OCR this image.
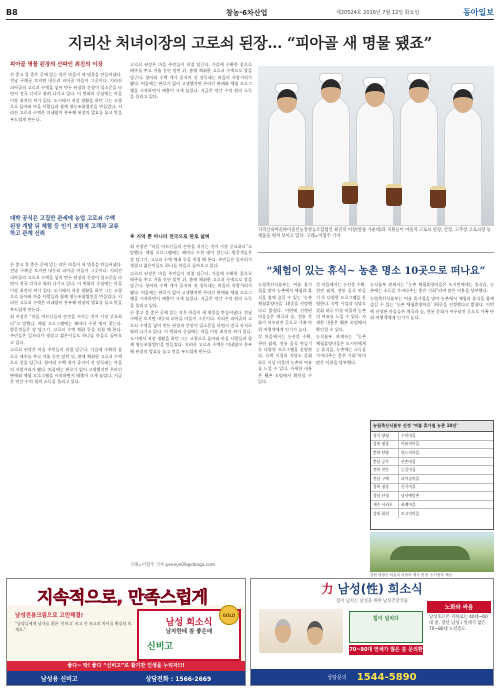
B8	창농·6차산업	제20524호 2016년 7월 12일 화요일	동아일보
지리산 처녀이장의 고로쇠 된장… “피아골 새 명물 됐죠”
피아골 명물 된장의 산파인 최진의 이장

산 좋고 물 좋은 곳에 있는 작은 마을이 새 명물을 만들어냈다. 전남 구례군 토지면 내동리 피아골 마을이 그곳이다. 지리산 피아골의 고로쇠 수액을 넣어 만든 된장과 간장이 입소문을 타면서 전국 각지로 팔려 나가고 있다. 이 변화의 중심에는 마을 이장 최진의 씨가 있다. 도시에서 직장 생활을 하던 그는 고향으로 돌아와 마을 사람들과 함께 영농조합법인을 만들었다. 지리산 고로쇠 수액은 미네랄이 풍부해 된장의 발효를 돕고 맛을 부드럽게 만든다.

고로쇠 된장은 마을 주민들이 직접 담근다. 가을에 수확한 콩으로 메주를 쑤고 겨울 동안 말린 뒤, 봄에 채취한 고로쇠 수액으로 장을 담근다. 항아리 수백 개가 줄지어 선 장독대는 마을의 자랑거리가 됐다. 처음에는 판로가 없어 고생했지만 온라인 판매와 체험 프로그램을 시작하면서 매출이 크게 늘었다. 지금은 연간 수억 원의 소득을 올리고 있다.

대박 공식은 고집만 관세에 농업 고로쇠 수액 된장 개발 뒤 체험 등 인기 포함적 고객과 교류하고 관계 신뢰

산 좋고 물 좋은 곳에 있는 작은 마을이 새 명물을 만들어냈다. 전남 구례군 토지면 내동리 피아골 마을이 그곳이다. 지리산 피아골의 고로쇠 수액을 넣어 만든 된장과 간장이 입소문을 타면서 전국 각지로 팔려 나가고 있다. 이 변화의 중심에는 마을 이장 최진의 씨가 있다. 도시에서 직장 생활을 하던 그는 고향으로 돌아와 마을 사람들과 함께 영농조합법인을 만들었다. 지리산 고로쇠 수액은 미네랄이 풍부해 된장의 발효를 돕고 맛을 부드럽게 만든다.

최 이장은 “마을 어르신들의 손맛을 지키는 것이 가장 중요하다”고 말했다. 체험 프로그램에는 해마다 수천 명이 찾는다. 방문객들은 장 담그기, 고로쇠 수액 채취 등을 직접 해 본다. 주민들은 일자리가 생겼고 젊은이들도 하나둘 마을로 돌아오고 있다.

고로쇠 된장은 마을 주민들이 직접 담근다. 가을에 수확한 콩으로 메주를 쑤고 겨울 동안 말린 뒤, 봄에 채취한 고로쇠 수액으로 장을 담근다. 항아리 수백 개가 줄지어 선 장독대는 마을의 자랑거리가 됐다. 처음에는 판로가 없어 고생했지만 온라인 판매와 체험 프로그램을 시작하면서 매출이 크게 늘었다. 지금은 연간 수억 원의 소득을 올리고 있다.

※ 지역 뿐 아니라 전국으로 판로 넓혀

최 이장은 “마을 어르신들의 손맛을 지키는 것이 가장 중요하다”고 말했다. 체험 프로그램에는 해마다 수천 명이 찾는다. 방문객들은 장 담그기, 고로쇠 수액 채취 등을 직접 해 본다. 주민들은 일자리가 생겼고 젊은이들도 하나둘 마을로 돌아오고 있다.

고로쇠 된장은 마을 주민들이 직접 담근다. 가을에 수확한 콩으로 메주를 쑤고 겨울 동안 말린 뒤, 봄에 채취한 고로쇠 수액으로 장을 담근다. 항아리 수백 개가 줄지어 선 장독대는 마을의 자랑거리가 됐다. 처음에는 판로가 없어 고생했지만 온라인 판매와 체험 프로그램을 시작하면서 매출이 크게 늘었다. 지금은 연간 수억 원의 소득을 올리고 있다.

산 좋고 물 좋은 곳에 있는 작은 마을이 새 명물을 만들어냈다. 전남 구례군 토지면 내동리 피아골 마을이 그곳이다. 지리산 피아골의 고로쇠 수액을 넣어 만든 된장과 간장이 입소문을 타면서 전국 각지로 팔려 나가고 있다. 이 변화의 중심에는 마을 이장 최진의 씨가 있다. 도시에서 직장 생활을 하던 그는 고향으로 돌아와 마을 사람들과 함께 영농조합법인을 만들었다. 지리산 고로쇠 수액은 미네랄이 풍부해 된장의 발효를 돕고 맛을 부드럽게 만든다.

구례=이형주 기자 peneye09@donga.com
지리산피아골바이올린농장영농조합법인 최진의 이장(앞줄 가운데)과 직원들이 마을의 고로쇠 된장, 간장, 고추장 고로쇠장 등 제품을 펼쳐 보이고 있다. 구례=이형주 기자
“체험이 있는 휴식~ 농촌 명소 10곳으로 떠나요”

농림축산식품부는 여름 휴가철을 맞아 농촌에서 체험과 휴식을 함께 즐길 수 있는 ‘농촌 체험휴양마을’ 10곳을 선정했다고 밝혔다. 이번에 선정된 마을들은 계곡과 숲, 전통 문화가 어우러진 곳으로 가족 단위 여행객에게 인기가 높다.

각 마을에서는 농산물 수확, 천연 염색, 전통 음식 만들기 등 다양한 프로그램을 운영한다. 숙박 시설과 식당도 갖춰 하루 이상 머물며 농촌의 여유를 느낄 수 있다. 자세한 내용은 웰촌 포털에서 확인할 수 있다.

각 마을에서는 농산물 수확, 천연 염색, 전통 음식 만들기 등 다양한 프로그램을 운영한다. 숙박 시설과 식당도 갖춰 하루 이상 머물며 농촌의 여유를 느낄 수 있다. 자세한 내용은 웰촌 포털에서 확인할 수 있다.

농식품부 관계자는 “농촌 체험휴양마을은 도시민에게는 휴식을, 농촌에는 소득을 가져다주는 좋은 기회”라며 많은 이용을 당부했다.

농식품부 관계자는 “농촌 체험휴양마을은 도시민에게는 휴식을, 농촌에는 소득을 가져다주는 좋은 기회”라며 많은 이용을 당부했다.

농림축산식품부는 여름 휴가철을 맞아 농촌에서 체험과 휴식을 함께 즐길 수 있는 ‘농촌 체험휴양마을’ 10곳을 선정했다고 밝혔다. 이번에 선정된 마을들은 계곡과 숲, 전통 문화가 어우러진 곳으로 가족 단위 여행객에게 인기가 높다.

농림축산식품부 선정 ‘여름 휴가철 농촌 10선’
경기 양평	수미마을
강원 평창	어름치마을
충북 단양	한드미마을
충남 공주	산촌마을
전북 진안	능길마을
전남 구례	피아골마을
경북 청송	신기마을
경남 산청	남사예담촌
제주 서귀포	하례마을
강원 화천	토고미마을
강원 평창군 어름치 마을의 계곡 풍경. 농식품부 제공
지속적으로, 만족스럽게
남성전용크림으로 고민해결!
“남성들에게 남자를 위한 ‘신비고’ 쓰고 안 쓰고의 차이를 확실히 보세요.”
남성 희소식
남자한테 참 좋은데
신비고
GOLD
좋다~ 딱! 좋다 “신비고”로 활기찬 인생을 누리자!!!
남성용 신비고	상담전화 : 1566-2669
力 남성(性) 희소식
힘이 넘치는 남성을 위한 남성건강식품
힘이 넘치다
70~80대 연세가 많은 분 문의환영
노화와 싸움
남성호르몬 저하로는 40대~60대 중, 장년 남성 / 연세가 많은 70~80대 노년층도
상담문의 1544-5890
